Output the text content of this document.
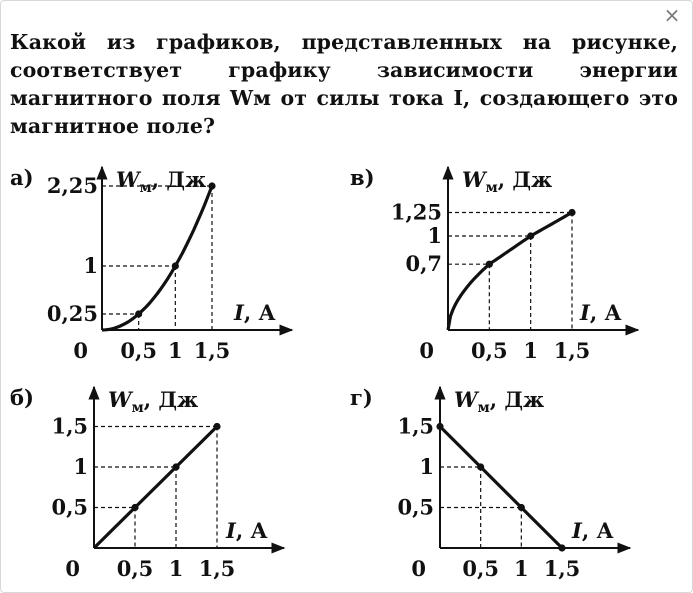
×
Какой из графиков, представленных на рисунке, соответствует графику зависимости энергии магнитного поля Wм от силы тока I, создающего это магнитное поле?
а)
I, А
$W_м$, Дж
0 0,5 1 1,5
0,25
1
2,25	в)
I, А
$W_м$, Дж
0 0,5 1 1,5
0,7
1
1,25
б)
I, А
$W_м$, Дж
0 0,5 1 1,5
0,5
1
1,5
г)
I, А
$W_м$, Дж
0 0,5 1 1,5
0,5
1
1,5
